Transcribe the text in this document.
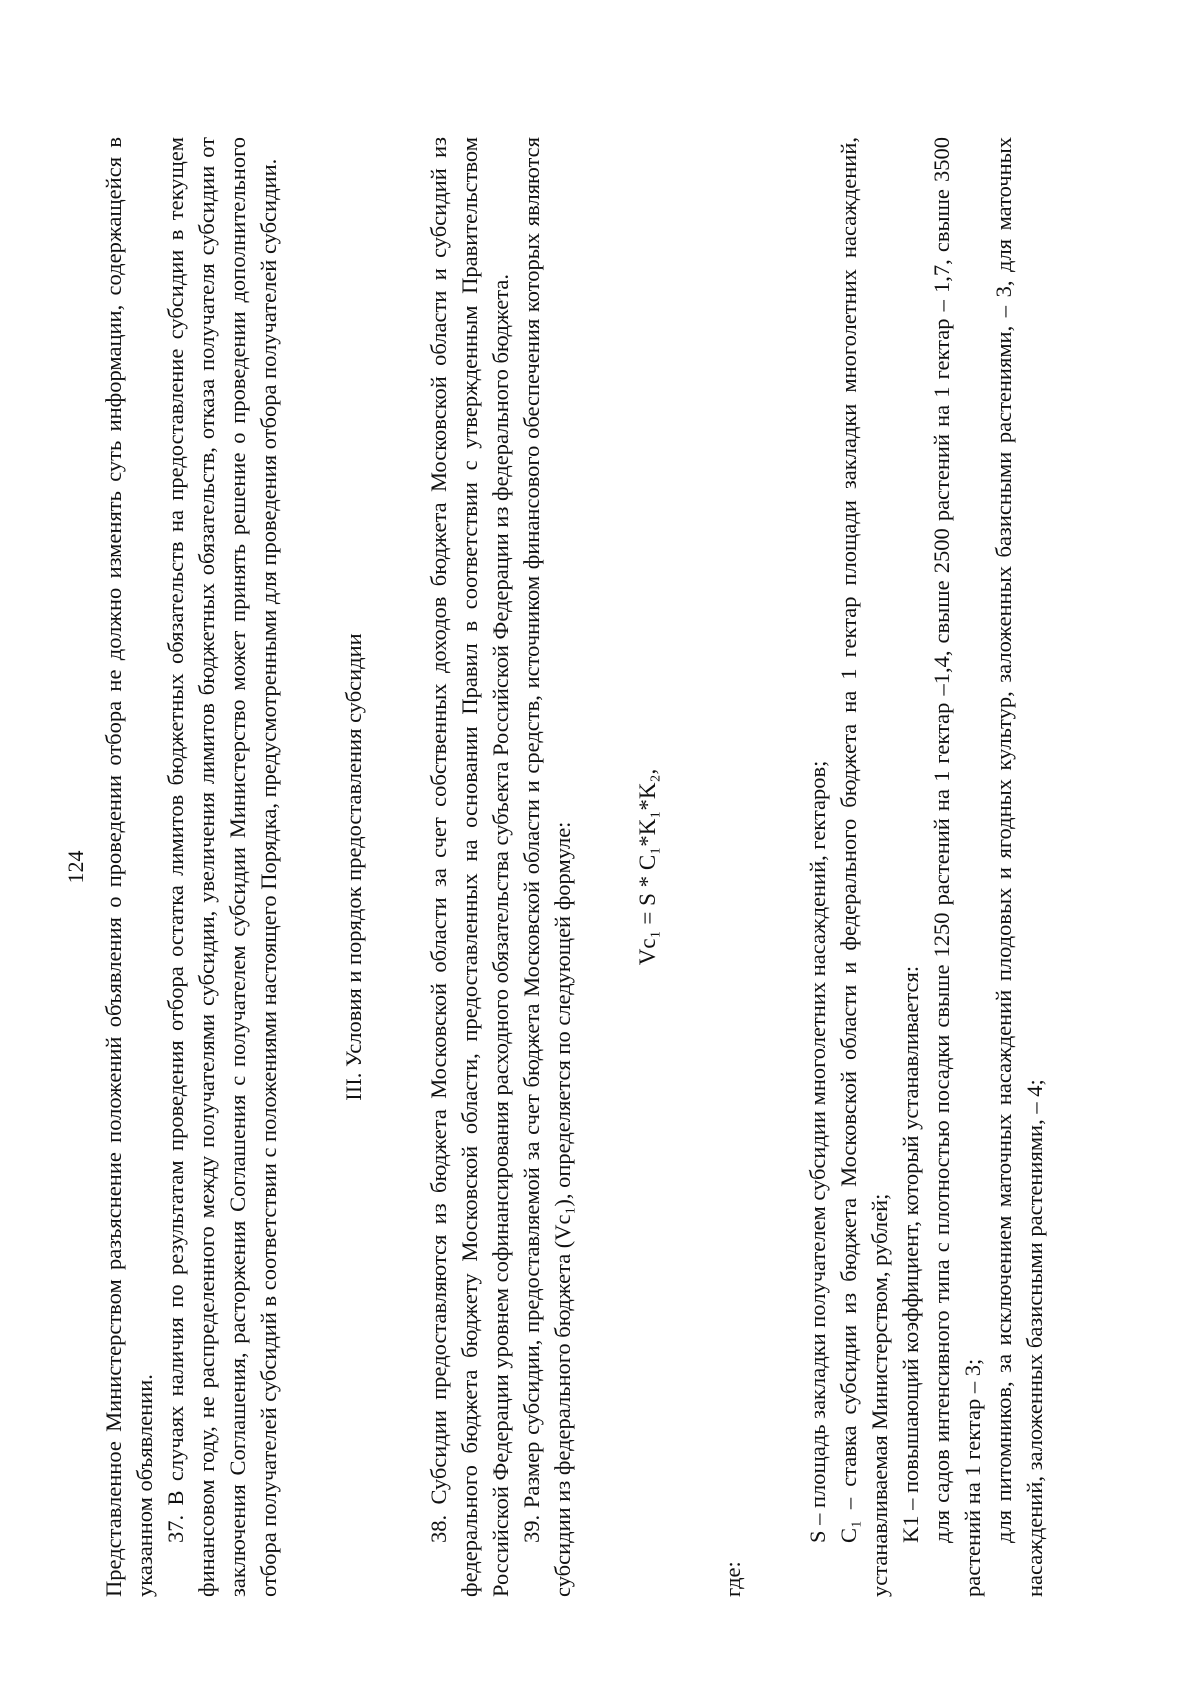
124 Представленное Министерством разъяснение положений объявления о проведении отбора не должно изменять суть информации, содержащейся в указанном объявлении. 37. В случаях наличия по результатам проведения отбора остатка лимитов бюджетных обязательств на предоставление субсидии в текущем финансовом году, не распределенного между получателями субсидии, увеличения лимитов бюджетных обязательств, отказа получателя субсидии от заключения Соглашения, расторжения Соглашения с получателем субсидии Министерство может принять решение о проведении дополнительного отбора получателей субсидий в соответствии с положениями настоящего Порядка, предусмотренными для проведения отбора получателей субсидии.	III. Условия и порядок предоставления субсидии	38. Субсидии предоставляются из бюджета Московской области за счет собственных доходов бюджета Московской области и субсидий из федерального бюджета бюджету Московской области, предоставленных на основании Правил в соответствии с утвержденным Правительством Российской Федерации уровнем софинансирования расходного обязательства субъекта Российской Федерации из федерального бюджета. 39. Размер субсидии, предоставляемой за счет бюджета Московской области и средств, источником финансового обеспечения которых являются субсидии из федерального бюджета (Vc₁), определяется по следующей формуле:	Vc₁ = S * C₁*K₁*K₂,

где:

S – площадь закладки получателем субсидии многолетних насаждений, гектаров; C₁ – ставка субсидии из бюджета Московской области и федерального бюджета на 1 гектар площади закладки многолетних насаждений, устанавливаемая Министерством, рублей; K1 – повышающий коэффициент, который устанавливается: для садов интенсивного типа с плотностью посадки свыше 1250 растений на 1 гектар –1,4, свыше 2500 растений на 1 гектар – 1,7, свыше 3500 растений на 1 гектар – 3; для питомников, за исключением маточных насаждений плодовых и ягодных культур, заложенных базисными растениями, – 3, для маточных насаждений, заложенных базисными растениями, – 4;
